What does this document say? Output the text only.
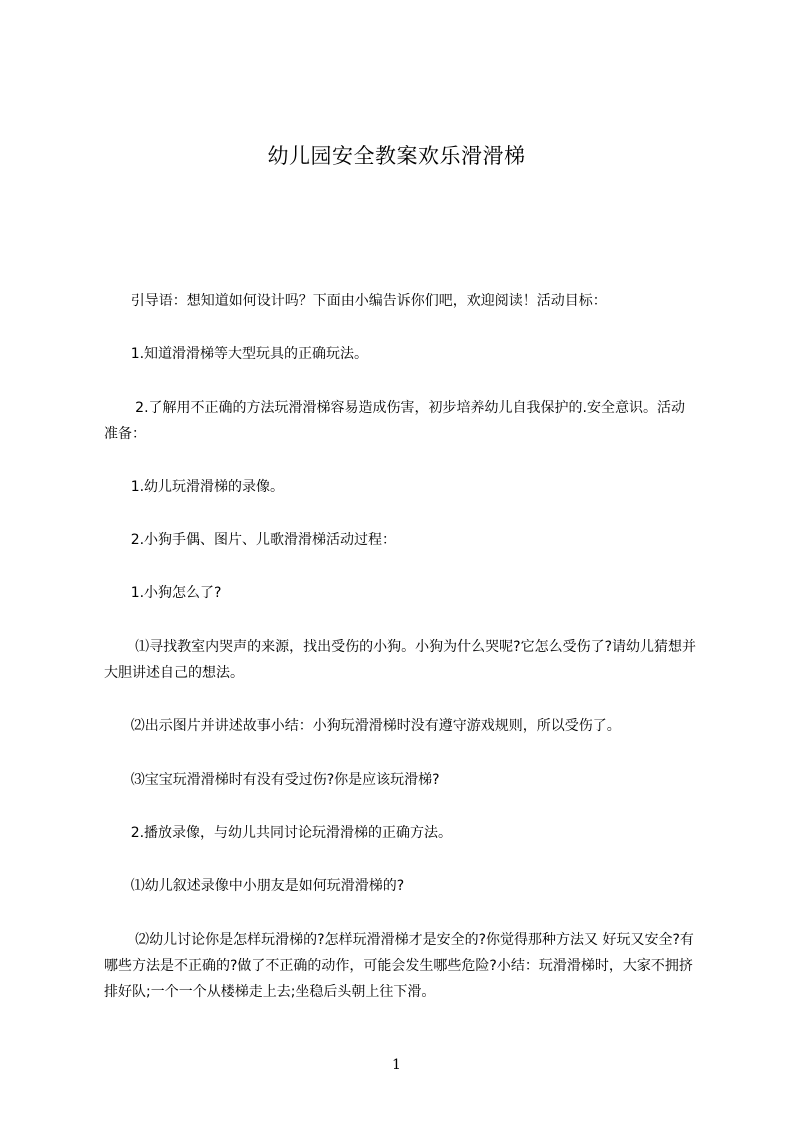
幼儿园安全教案欢乐滑滑梯

引导语：想知道如何设计吗？下面由小编告诉你们吧，欢迎阅读！活动目标：

1.知道滑滑梯等大型玩具的正确玩法。

2.了解用不正确的方法玩滑滑梯容易造成伤害，初步培养幼儿自我保护的.安全意识。活动准备：

1.幼儿玩滑滑梯的录像。

2.小狗手偶、图片、儿歌滑滑梯活动过程：

1.小狗怎么了?

⑴寻找教室内哭声的来源，找出受伤的小狗。小狗为什么哭呢?它怎么受伤了?请幼儿猜想并大胆讲述自己的想法。

⑵出示图片并讲述故事小结：小狗玩滑滑梯时没有遵守游戏规则，所以受伤了。

⑶宝宝玩滑滑梯时有没有受过伤?你是应该玩滑梯?

2.播放录像，与幼儿共同讨论玩滑滑梯的正确方法。

⑴幼儿叙述录像中小朋友是如何玩滑滑梯的?

⑵幼儿讨论你是怎样玩滑梯的?怎样玩滑滑梯才是安全的?你觉得那种方法又 好玩又安全?有哪些方法是不正确的?做了不正确的动作，可能会发生哪些危险?小结：玩滑滑梯时，大家不拥挤排好队;一个一个从楼梯走上去;坐稳后头朝上往下滑。

1
